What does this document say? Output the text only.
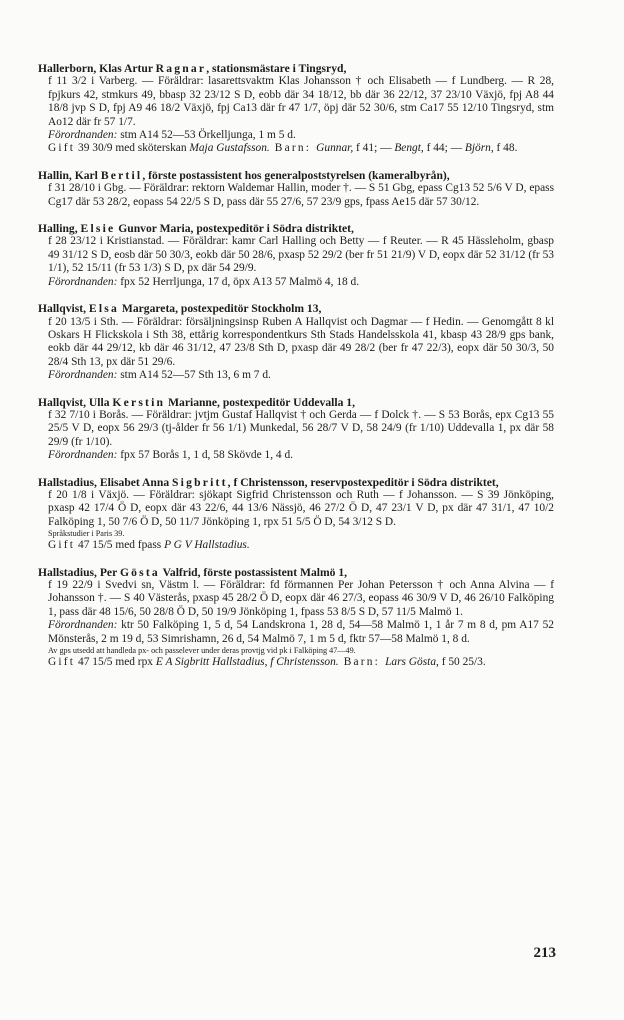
Hallerborn, Klas Artur Ragnar, stationsmästare i Tingsryd,

f 11 3/2 i Varberg. — Föräldrar: lasarettsvaktm Klas Johansson † och Elisabeth — f Lundberg. — R 28, fpjkurs 42, stmkurs 49, bbasp 32 23/12 S D, eobb där 34 18/12, bb där 36 22/12, 37 23/10 Växjö, fpj A8 44 18/8 jvp S D, fpj A9 46 18/2 Växjö, fpj Ca13 där fr 47 1/7, öpj där 52 30/6, stm Ca17 55 12/10 Tingsryd, stm Ao12 där fr 57 1/7.

Förordnanden: stm A14 52—53 Örkelljunga, 1 m 5 d.

Gift 39 30/9 med sköterskan Maja Gustafsson. Barn: Gunnar, f 41; — Bengt, f 44; — Björn, f 48.

Hallin, Karl Bertil, förste postassistent hos generalpoststyrelsen (kameralbyrån),

f 31 28/10 i Gbg. — Föräldrar: rektorn Waldemar Hallin, moder †. — S 51 Gbg, epass Cg13 52 5/6 V D, epass Cg17 där 53 28/2, eopass 54 22/5 S D, pass där 55 27/6, 57 23/9 gps, fpass Ae15 där 57 30/12.

Halling, Elsie Gunvor Maria, postexpeditör i Södra distriktet,

f 28 23/12 i Kristianstad. — Föräldrar: kamr Carl Halling och Betty — f Reuter. — R 45 Hässleholm, gbasp 49 31/12 S D, eosb där 50 30/3, eokb där 50 28/6, pxasp 52 29/2 (ber fr 51 21/9) V D, eopx där 52 31/12 (fr 53 1/1), 52 15/11 (fr 53 1/3) S D, px där 54 29/9.

Förordnanden: fpx 52 Herrljunga, 17 d, öpx A13 57 Malmö 4, 18 d.

Hallqvist, Elsa Margareta, postexpeditör Stockholm 13,

f 20 13/5 i Sth. — Föräldrar: försäljningsinsp Ruben A Hallqvist och Dagmar — f Hedin. — Genomgått 8 kl Oskars H Flickskola i Sth 38, ettårig korrespondentkurs Sth Stads Handelsskola 41, kbasp 43 28/9 gps bank, eokb där 44 29/12, kb där 46 31/12, 47 23/8 Sth D, pxasp där 49 28/2 (ber fr 47 22/3), eopx där 50 30/3, 50 28/4 Sth 13, px där 51 29/6.

Förordnanden: stm A14 52—57 Sth 13, 6 m 7 d.

Hallqvist, Ulla Kerstin Marianne, postexpeditör Uddevalla 1,

f 32 7/10 i Borås. — Föräldrar: jvtjm Gustaf Hallqvist † och Gerda — f Dolck †. — S 53 Borås, epx Cg13 55 25/5 V D, eopx 56 29/3 (tj-ålder fr 56 1/1) Munkedal, 56 28/7 V D, 58 24/9 (fr 1/10) Uddevalla 1, px där 58 29/9 (fr 1/10).

Förordnanden: fpx 57 Borås 1, 1 d, 58 Skövde 1, 4 d.

Hallstadius, Elisabet Anna Sigbritt, f Christensson, reservpostexpeditör i Södra distriktet,

f 20 1/8 i Växjö. — Föräldrar: sjökapt Sigfrid Christensson och Ruth — f Johansson. — S 39 Jönköping, pxasp 42 17/4 Ö D, eopx där 43 22/6, 44 13/6 Nässjö, 46 27/2 Ö D, 47 23/1 V D, px där 47 31/1, 47 10/2 Falköping 1, 50 7/6 Ö D, 50 11/7 Jönköping 1, rpx 51 5/5 Ö D, 54 3/12 S D.

Språkstudier i Paris 39.

Gift 47 15/5 med fpass P G V Hallstadius.

Hallstadius, Per Gösta Valfrid, förste postassistent Malmö 1,

f 19 22/9 i Svedvi sn, Västm l. — Föräldrar: fd förmannen Per Johan Petersson † och Anna Alvina — f Johansson †. — S 40 Västerås, pxasp 45 28/2 Ö D, eopx där 46 27/3, eopass 46 30/9 V D, 46 26/10 Falköping 1, pass där 48 15/6, 50 28/8 Ö D, 50 19/9 Jönköping 1, fpass 53 8/5 S D, 57 11/5 Malmö 1.

Förordnanden: ktr 50 Falköping 1, 5 d, 54 Landskrona 1, 28 d, 54—58 Malmö 1, 1 år 7 m 8 d, pm A17 52 Mönsterås, 2 m 19 d, 53 Simrishamn, 26 d, 54 Malmö 7, 1 m 5 d, fktr 57—58 Malmö 1, 8 d.

Av gps utsedd att handleda px- och passelever under deras provtjg vid pk i Falköping 47—49.

Gift 47 15/5 med rpx E A Sigbritt Hallstadius, f Christensson. Barn: Lars Gösta, f 50 25/3.

213
